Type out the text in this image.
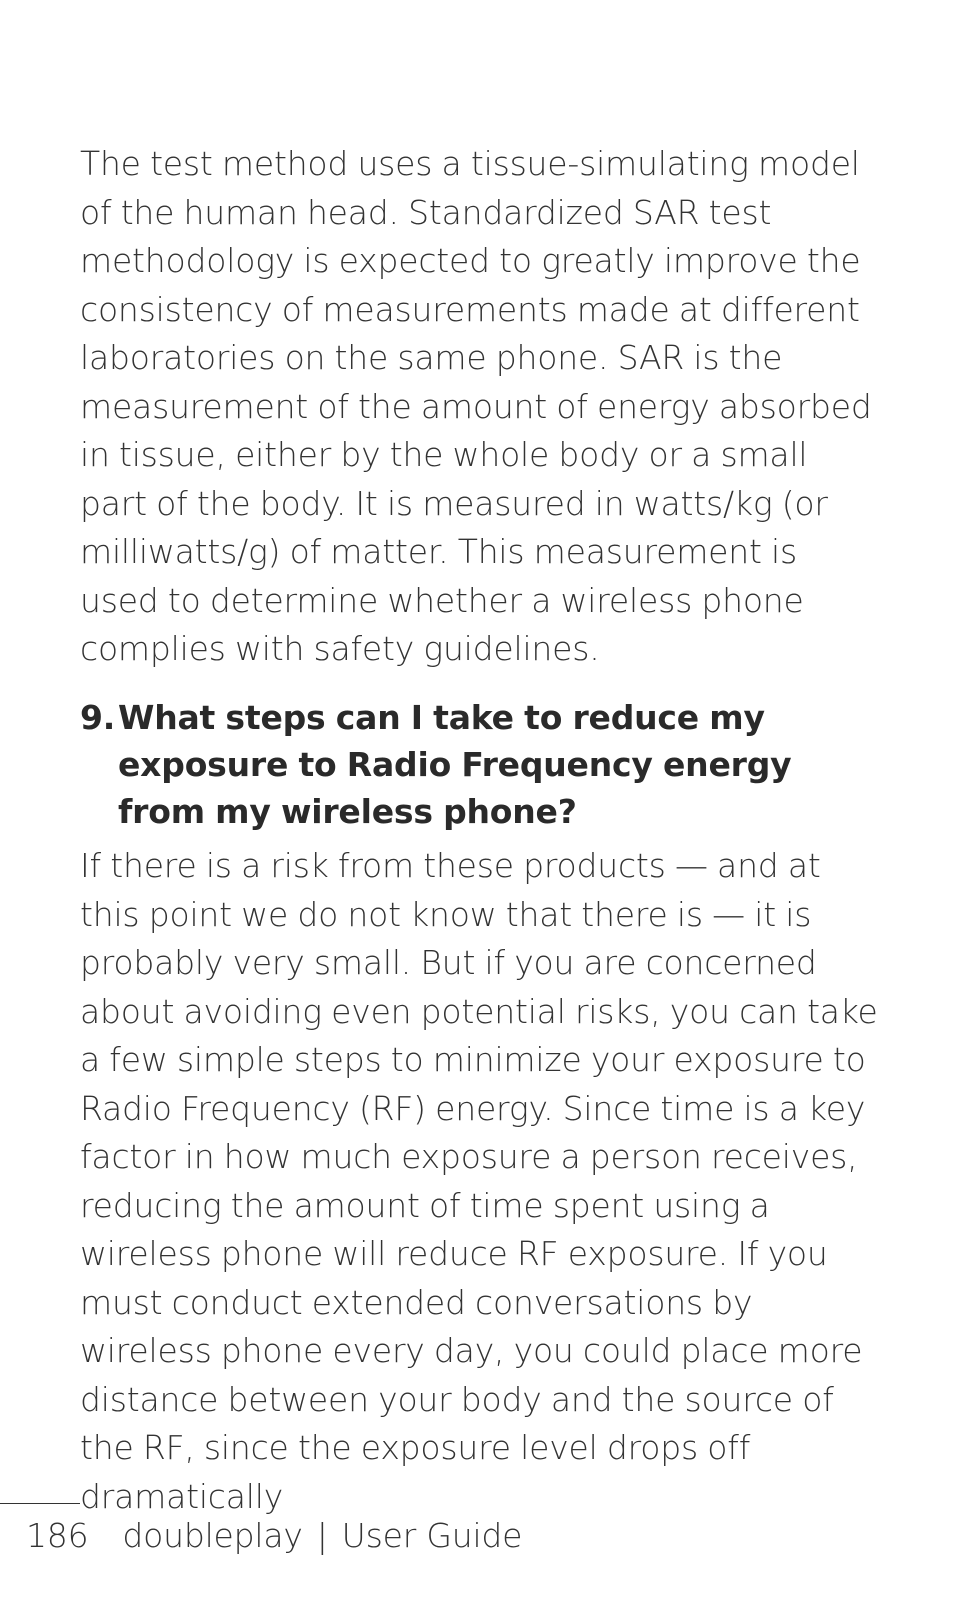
The test method uses a tissue-simulating model of the human head. Standardized SAR test methodology is expected to greatly improve the consistency of measurements made at different laboratories on the same phone. SAR is the measurement of the amount of energy absorbed in tissue, either by the whole body or a small part of the body. It is measured in watts/kg (or milliwatts/g) of matter. This measurement is used to determine whether a wireless phone complies with safety guidelines.

9. What steps can I take to reduce my exposure to Radio Frequency energy from my wireless phone?

If there is a risk from these products — and at this point we do not know that there is — it is probably very small. But if you are concerned about avoiding even potential risks, you can take a few simple steps to minimize your exposure to Radio Frequency (RF) energy. Since time is a key factor in how much exposure a person receives, reducing the amount of time spent using a wireless phone will reduce RF exposure. If you must conduct extended conversations by wireless phone every day, you could place more distance between your body and the source of the RF, since the exposure level drops off dramatically

186 doubleplay | User Guide
